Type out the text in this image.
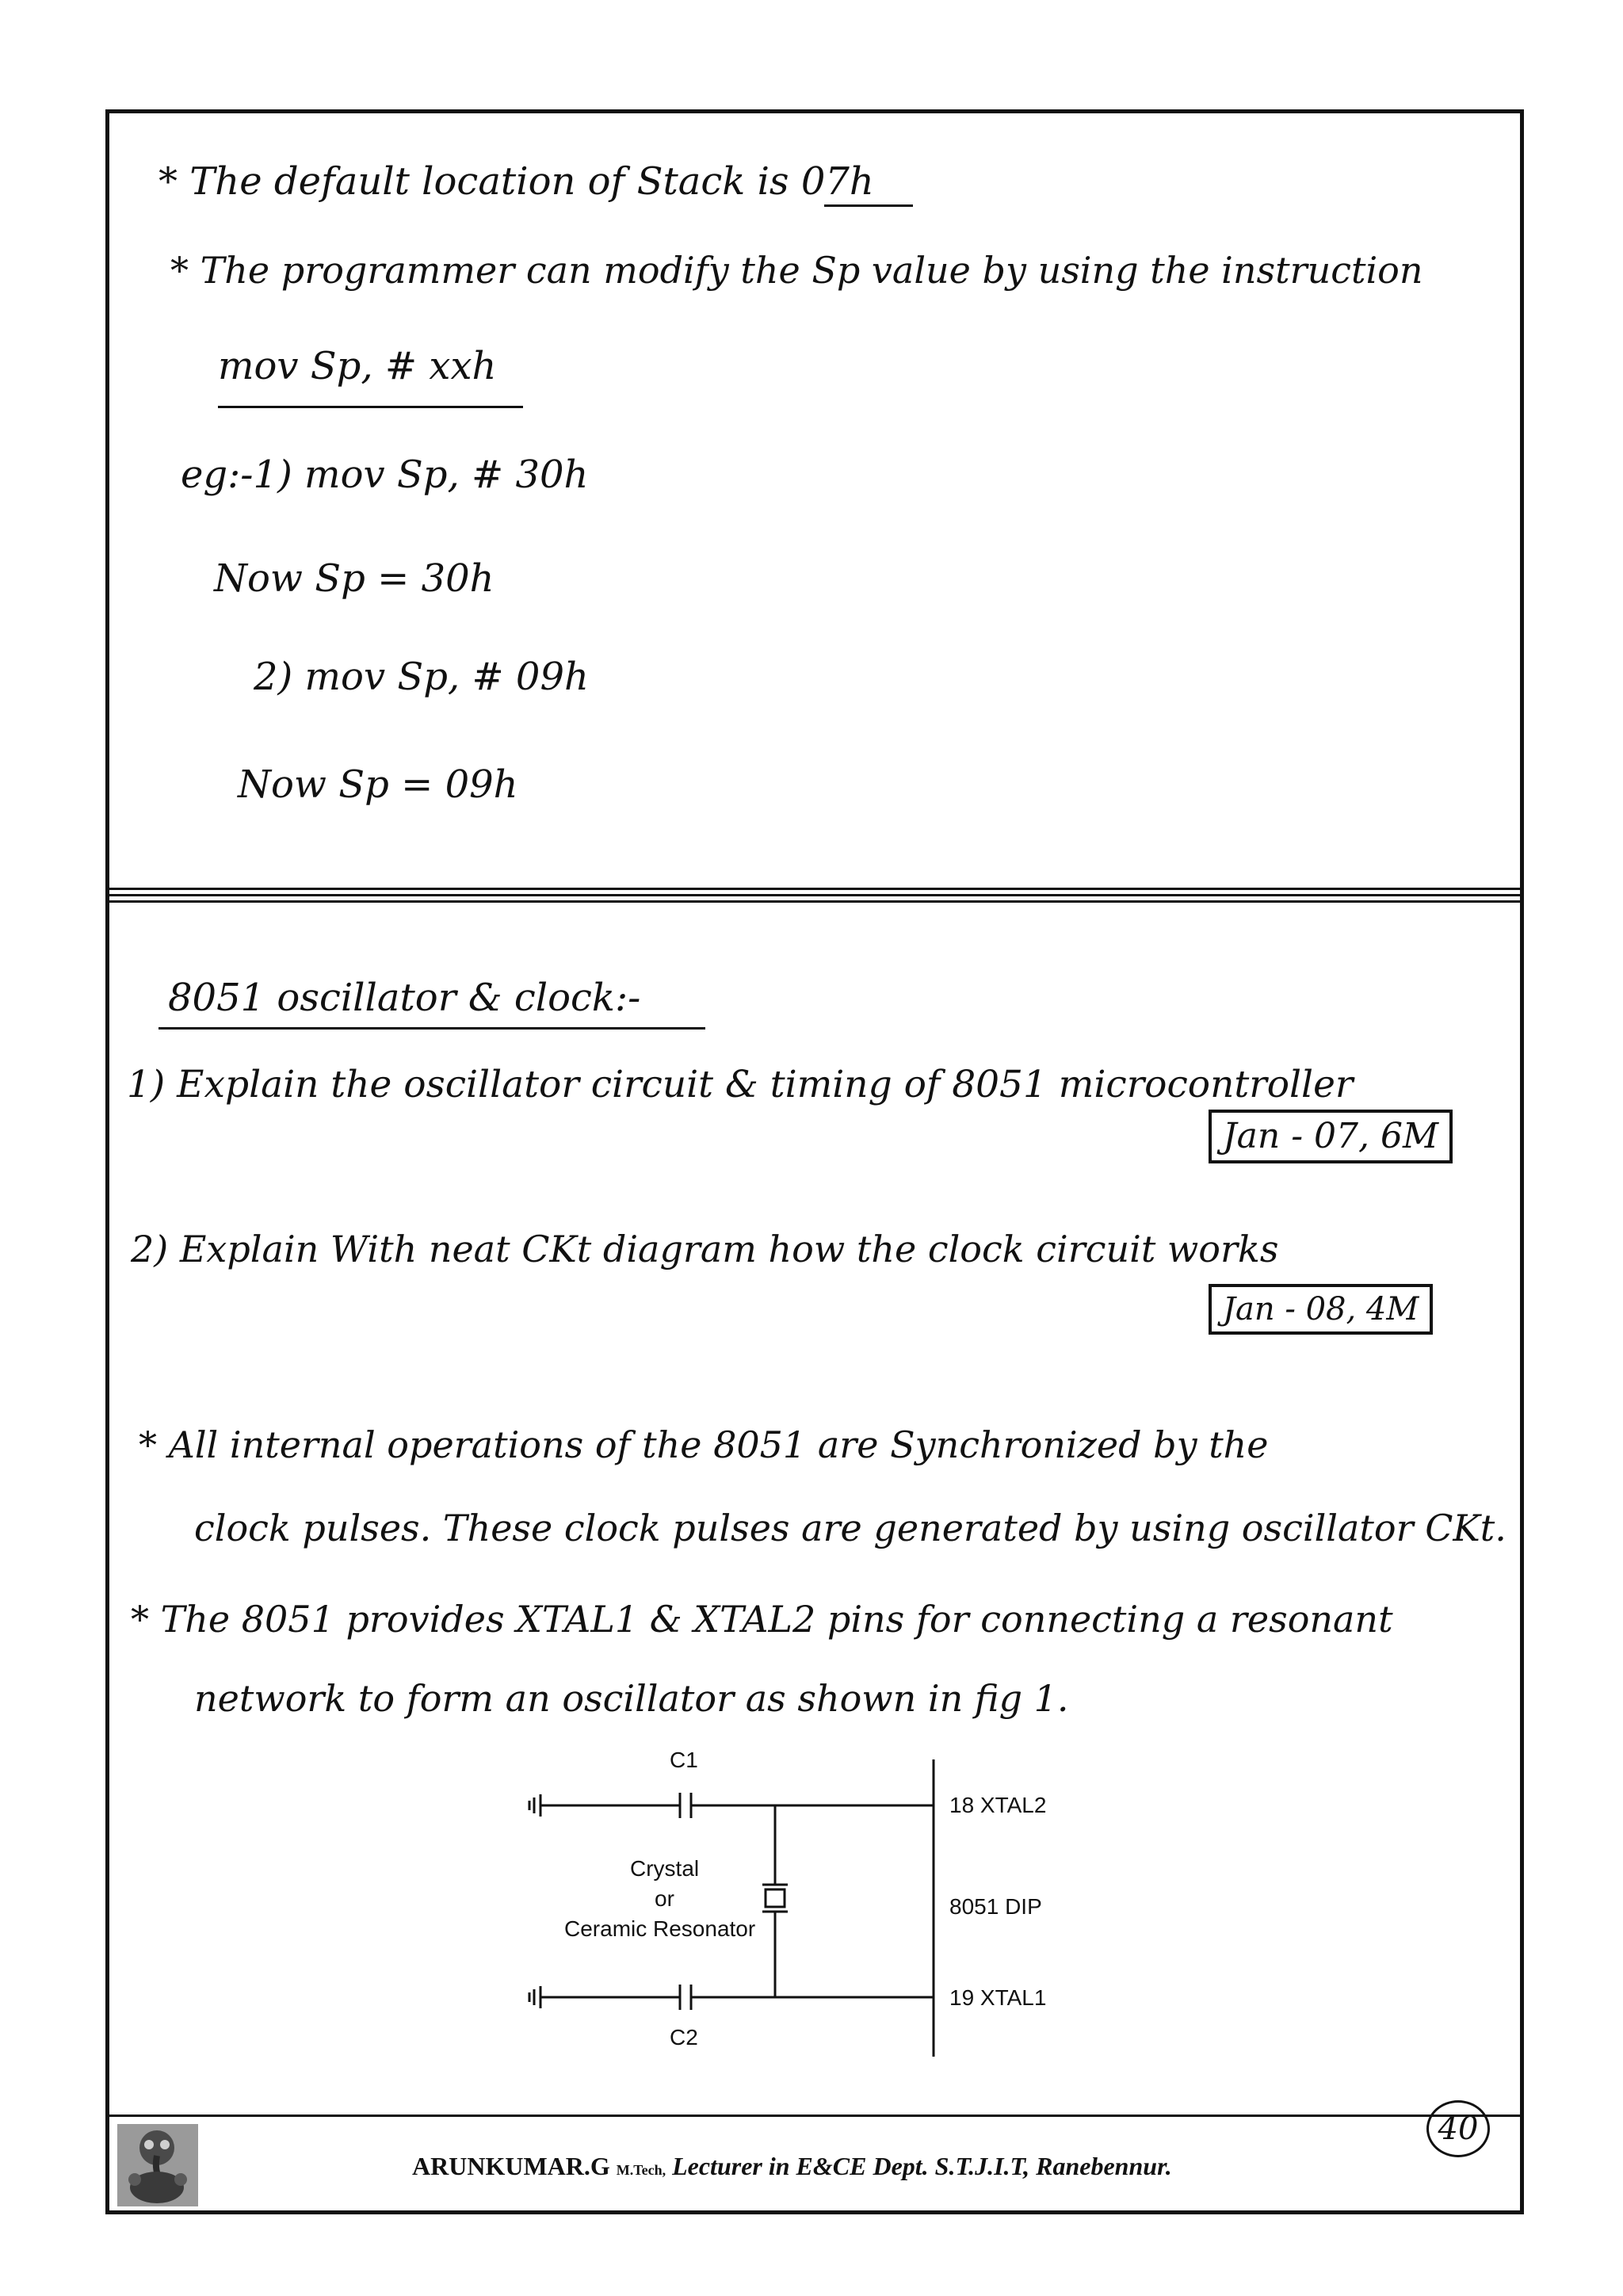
* The default location of Stack is 07h
* The programmer can modify the Sp value by using the instruction
mov Sp, # xxh
eg:-1) mov Sp, # 30h
Now Sp = 30h
2) mov Sp, # 09h
Now Sp = 09h
8051 oscillator & clock:-
1) Explain the oscillator circuit & timing of 8051 microcontroller
Jan - 07, 6M
2) Explain With neat CKt diagram how the clock circuit works
Jan - 08, 4M
* All internal operations of the 8051 are Synchronized by the
clock pulses. These clock pulses are generated by using oscillator CKt.
* The 8051 provides XTAL1 & XTAL2 pins for connecting a resonant
network to form an oscillator as shown in fig 1.
C1
C2
Crystal
or
Ceramic Resonator
18 XTAL2
8051 DIP
19 XTAL1
ARUNKUMAR.G M.Tech, Lecturer in E&CE Dept. S.T.J.I.T, Ranebennur.
40
